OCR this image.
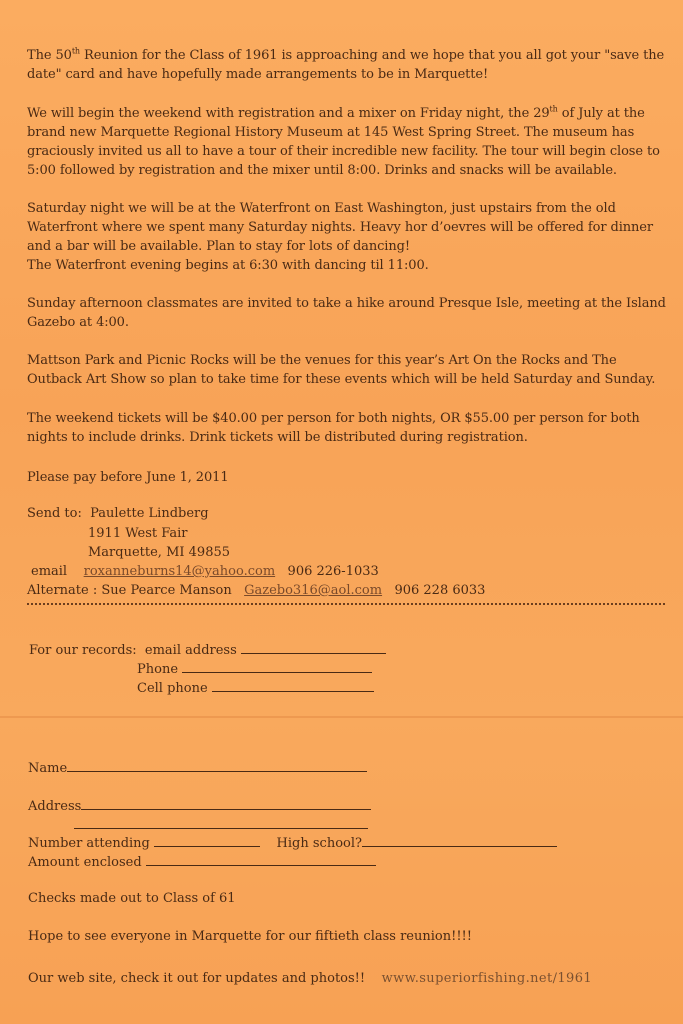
The 50th Reunion for the Class of 1961 is approaching and we hope that you all got your "save the date" card and have hopefully made arrangements to be in Marquette!

We will begin the weekend with registration and a mixer on Friday night, the 29th of July at the brand new Marquette Regional History Museum at 145 West Spring Street. The museum has graciously invited us all to have a tour of their incredible new facility. The tour will begin close to 5:00 followed by registration and the mixer until 8:00. Drinks and snacks will be available.

Saturday night we will be at the Waterfront on East Washington, just upstairs from the old Waterfront where we spent many Saturday nights. Heavy hor d’oevres will be offered for dinner and a bar will be available. Plan to stay for lots of dancing!

The Waterfront evening begins at 6:30 with dancing til 11:00.

Sunday afternoon classmates are invited to take a hike around Presque Isle, meeting at the Island Gazebo at 4:00.

Mattson Park and Picnic Rocks will be the venues for this year’s Art On the Rocks and The Outback Art Show so plan to take time for these events which will be held Saturday and Sunday.

The weekend tickets will be $40.00 per person for both nights, OR $55.00 per person for both nights to include drinks. Drink tickets will be distributed during registration.

Please pay before June 1, 2011

Send to: Paulette Lindberg
1911 West Fair
Marquette, MI 49855
email roxanneburns14@yahoo.com 906 226-1033
Alternate : Sue Pearce Manson Gazebo316@aol.com 906 228 6033
For our records: email address
Phone
Cell phone
Name
Address
Number attending	High school?
Amount enclosed
Checks made out to Class of 61
Hope to see everyone in Marquette for our fiftieth class reunion!!!!
Our web site, check it out for updates and photos!! www.superiorfishing.net/1961
